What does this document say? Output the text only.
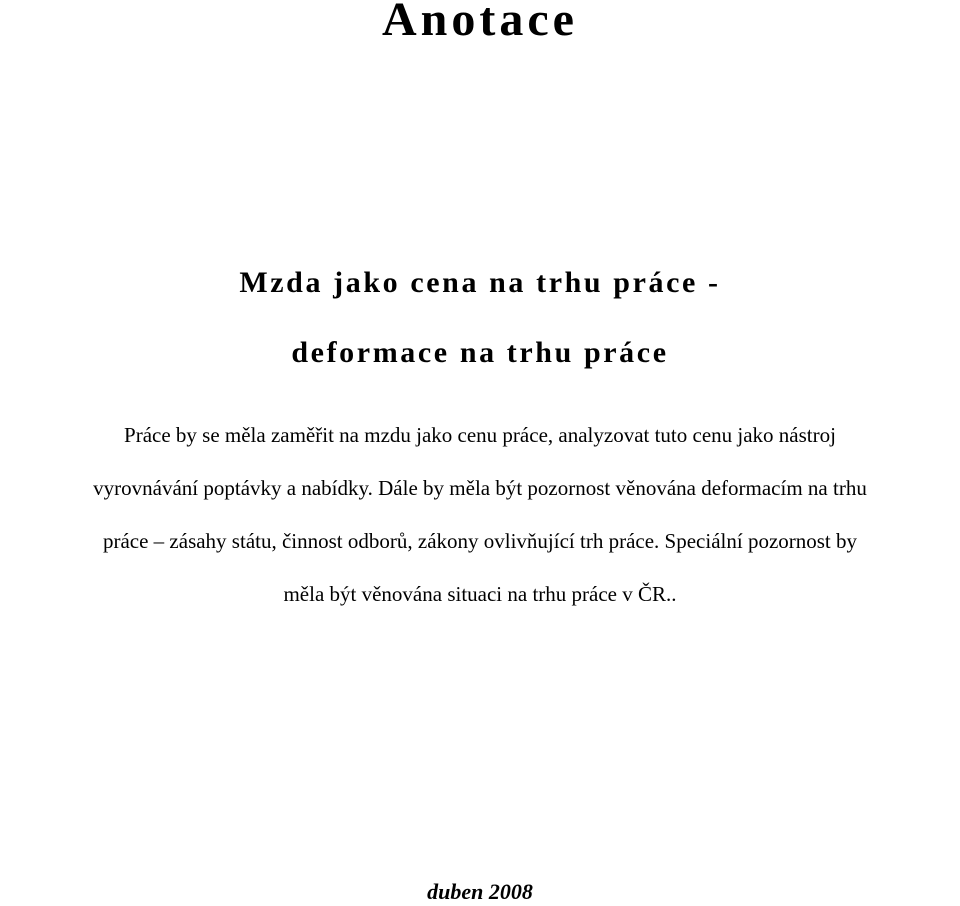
Anotace
Mzda jako cena na trhu práce -
deformace na trhu práce

Práce by se měla zaměřit na mzdu jako cenu práce, analyzovat tuto cenu jako nástroj
vyrovnávání poptávky a nabídky. Dále by měla být pozornost věnována deformacím na trhu
práce – zásahy státu, činnost odborů, zákony ovlivňující trh práce. Speciální pozornost by
měla být věnována situaci na trhu práce v ČR..

duben 2008
